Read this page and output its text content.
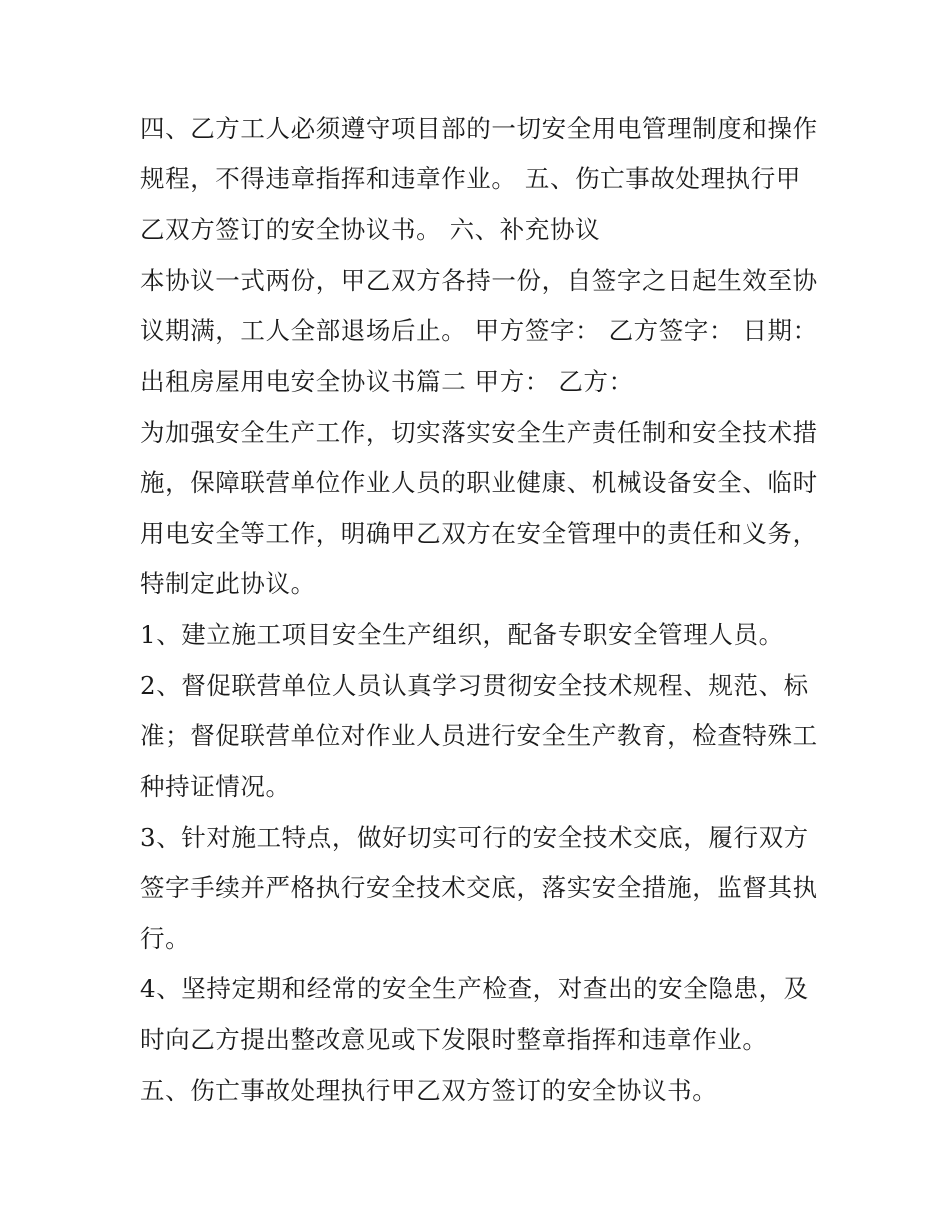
四、乙方工人必须遵守项目部的一切安全用电管理制度和操作
规程，不得违章指挥和违章作业。 五、伤亡事故处理执行甲
乙双方签订的安全协议书。 六、补充协议
本协议一式两份，甲乙双方各持一份，自签字之日起生效至协
议期满，工人全部退场后止。 甲方签字： 乙方签字： 日期：
出租房屋用电安全协议书篇二 甲方： 乙方：
为加强安全生产工作，切实落实安全生产责任制和安全技术措
施，保障联营单位作业人员的职业健康、机械设备安全、临时
用电安全等工作，明确甲乙双方在安全管理中的责任和义务，
特制定此协议。
1、建立施工项目安全生产组织，配备专职安全管理人员。
2、督促联营单位人员认真学习贯彻安全技术规程、规范、标
准；督促联营单位对作业人员进行安全生产教育，检查特殊工
种持证情况。
3、针对施工特点，做好切实可行的安全技术交底，履行双方
签字手续并严格执行安全技术交底，落实安全措施，监督其执
行。
4、坚持定期和经常的安全生产检查，对查出的安全隐患，及
时向乙方提出整改意见或下发限时整章指挥和违章作业。
五、伤亡事故处理执行甲乙双方签订的安全协议书。
